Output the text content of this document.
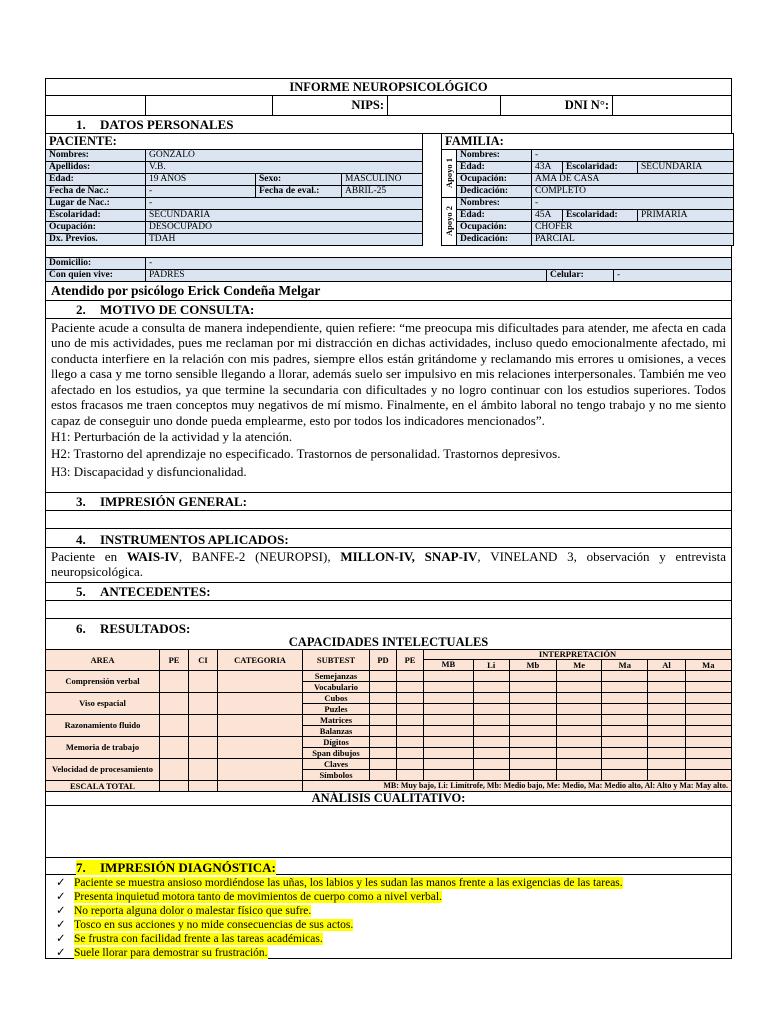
INFORME NEUROPSICOLÓGICO
		NIPS:		DNI N°:	
1. DATOS PERSONALES
PACIENTE:			
Nombres:	GONZALO		
Apellidos:	V.B.		
Edad:	19 AÑOS	Sexo:	MASCULINO
Fecha de Nac.:	-	Fecha de eval.:	ABRIL-25
Lugar de Nac.:	-		
Escolaridad:	SECUNDARIA		
Ocupación:	DESOCUPADO		
Dx. Previos.	TDAH		
FAMILIA:				

Apoyo 1	Nombres:	-		
	Edad:	43A	Escolaridad:	SECUNDARIA
	Ocupación:	AMA DE CASA		
	Dedicación:	COMPLETO		

Apoyo 2	Nombres:	-		
	Edad:	45A	Escolaridad:	PRIMARIA
	Ocupación:	CHOFER		
	Dedicación:	PARCIAL		
Domicilio:	-		
Con quien vive:	PADRES	Celular:	-
Atendido por psicólogo Erick Condeña Melgar
2. MOTIVO DE CONSULTA:
Paciente acude a consulta de manera independiente, quien refiere: “me preocupa mis dificultades para atender, me afecta en cada uno de mis actividades, pues me reclaman por mi distracción en dichas actividades, incluso quedo emocionalmente afectado, mi conducta interfiere en la relación con mis padres, siempre ellos están gritándome y reclamando mis errores u omisiones, a veces llego a casa y me torno sensible llegando a llorar, además suelo ser impulsivo en mis relaciones interpersonales. También me veo afectado en los estudios, ya que termine la secundaria con dificultades y no logro continuar con los estudios superiores. Todos estos fracasos me traen conceptos muy negativos de mí mismo. Finalmente, en el ámbito laboral no tengo trabajo y no me siento capaz de conseguir uno donde pueda emplearme, esto por todos los indicadores mencionados”.
H1: Perturbación de la actividad y la atención.
H2: Trastorno del aprendizaje no especificado. Trastornos de personalidad. Trastornos depresivos.
H3: Discapacidad y disfuncionalidad.
3. IMPRESIÓN GENERAL:
4. INSTRUMENTOS APLICADOS:
Paciente en WAIS-IV, BANFE-2 (NEUROPSI), MILLON-IV, SNAP-IV, VINELAND 3, observación y entrevista neuropsicológica.
5. ANTECEDENTES:
6. RESULTADOS:
CAPACIDADES INTELECTUALES
AREA	PE	CI	CATEGORIA	SUBTEST	PD	PE	INTERPRETACIÓN						
							MB	Li	Mb	Me	Ma	Al	Ma
Comprensión verbal				Semejanzas									
				Vocabulario									
Viso espacial				Cubos									
				Puzles									
Razonamiento fluido				Matrices									
				Balanzas									
Memoria de trabajo				Dígitos									
				Span dibujos									
Velocidad de procesamiento				Claves									
				Símbolos									
ESCALA TOTAL				MB: Muy bajo, Li: Limítrofe, Mb: Medio bajo, Me: Medio, Ma: Medio alto, Al: Alto y Ma: May alto.									
ANÁLISIS CUALITATIVO:
7. IMPRESIÓN DIAGNÓSTICA:
✓ Paciente se muestra ansioso mordiéndose las uñas, los labios y les sudan las manos frente a las exigencias de las tareas.
✓ Presenta inquietud motora tanto de movimientos de cuerpo como a nivel verbal.
✓ No reporta alguna dolor o malestar físico que sufre.
✓ Tosco en sus acciones y no mide consecuencias de sus actos.
✓ Se frustra con facilidad frente a las tareas académicas.
✓ Suele llorar para demostrar su frustración.
